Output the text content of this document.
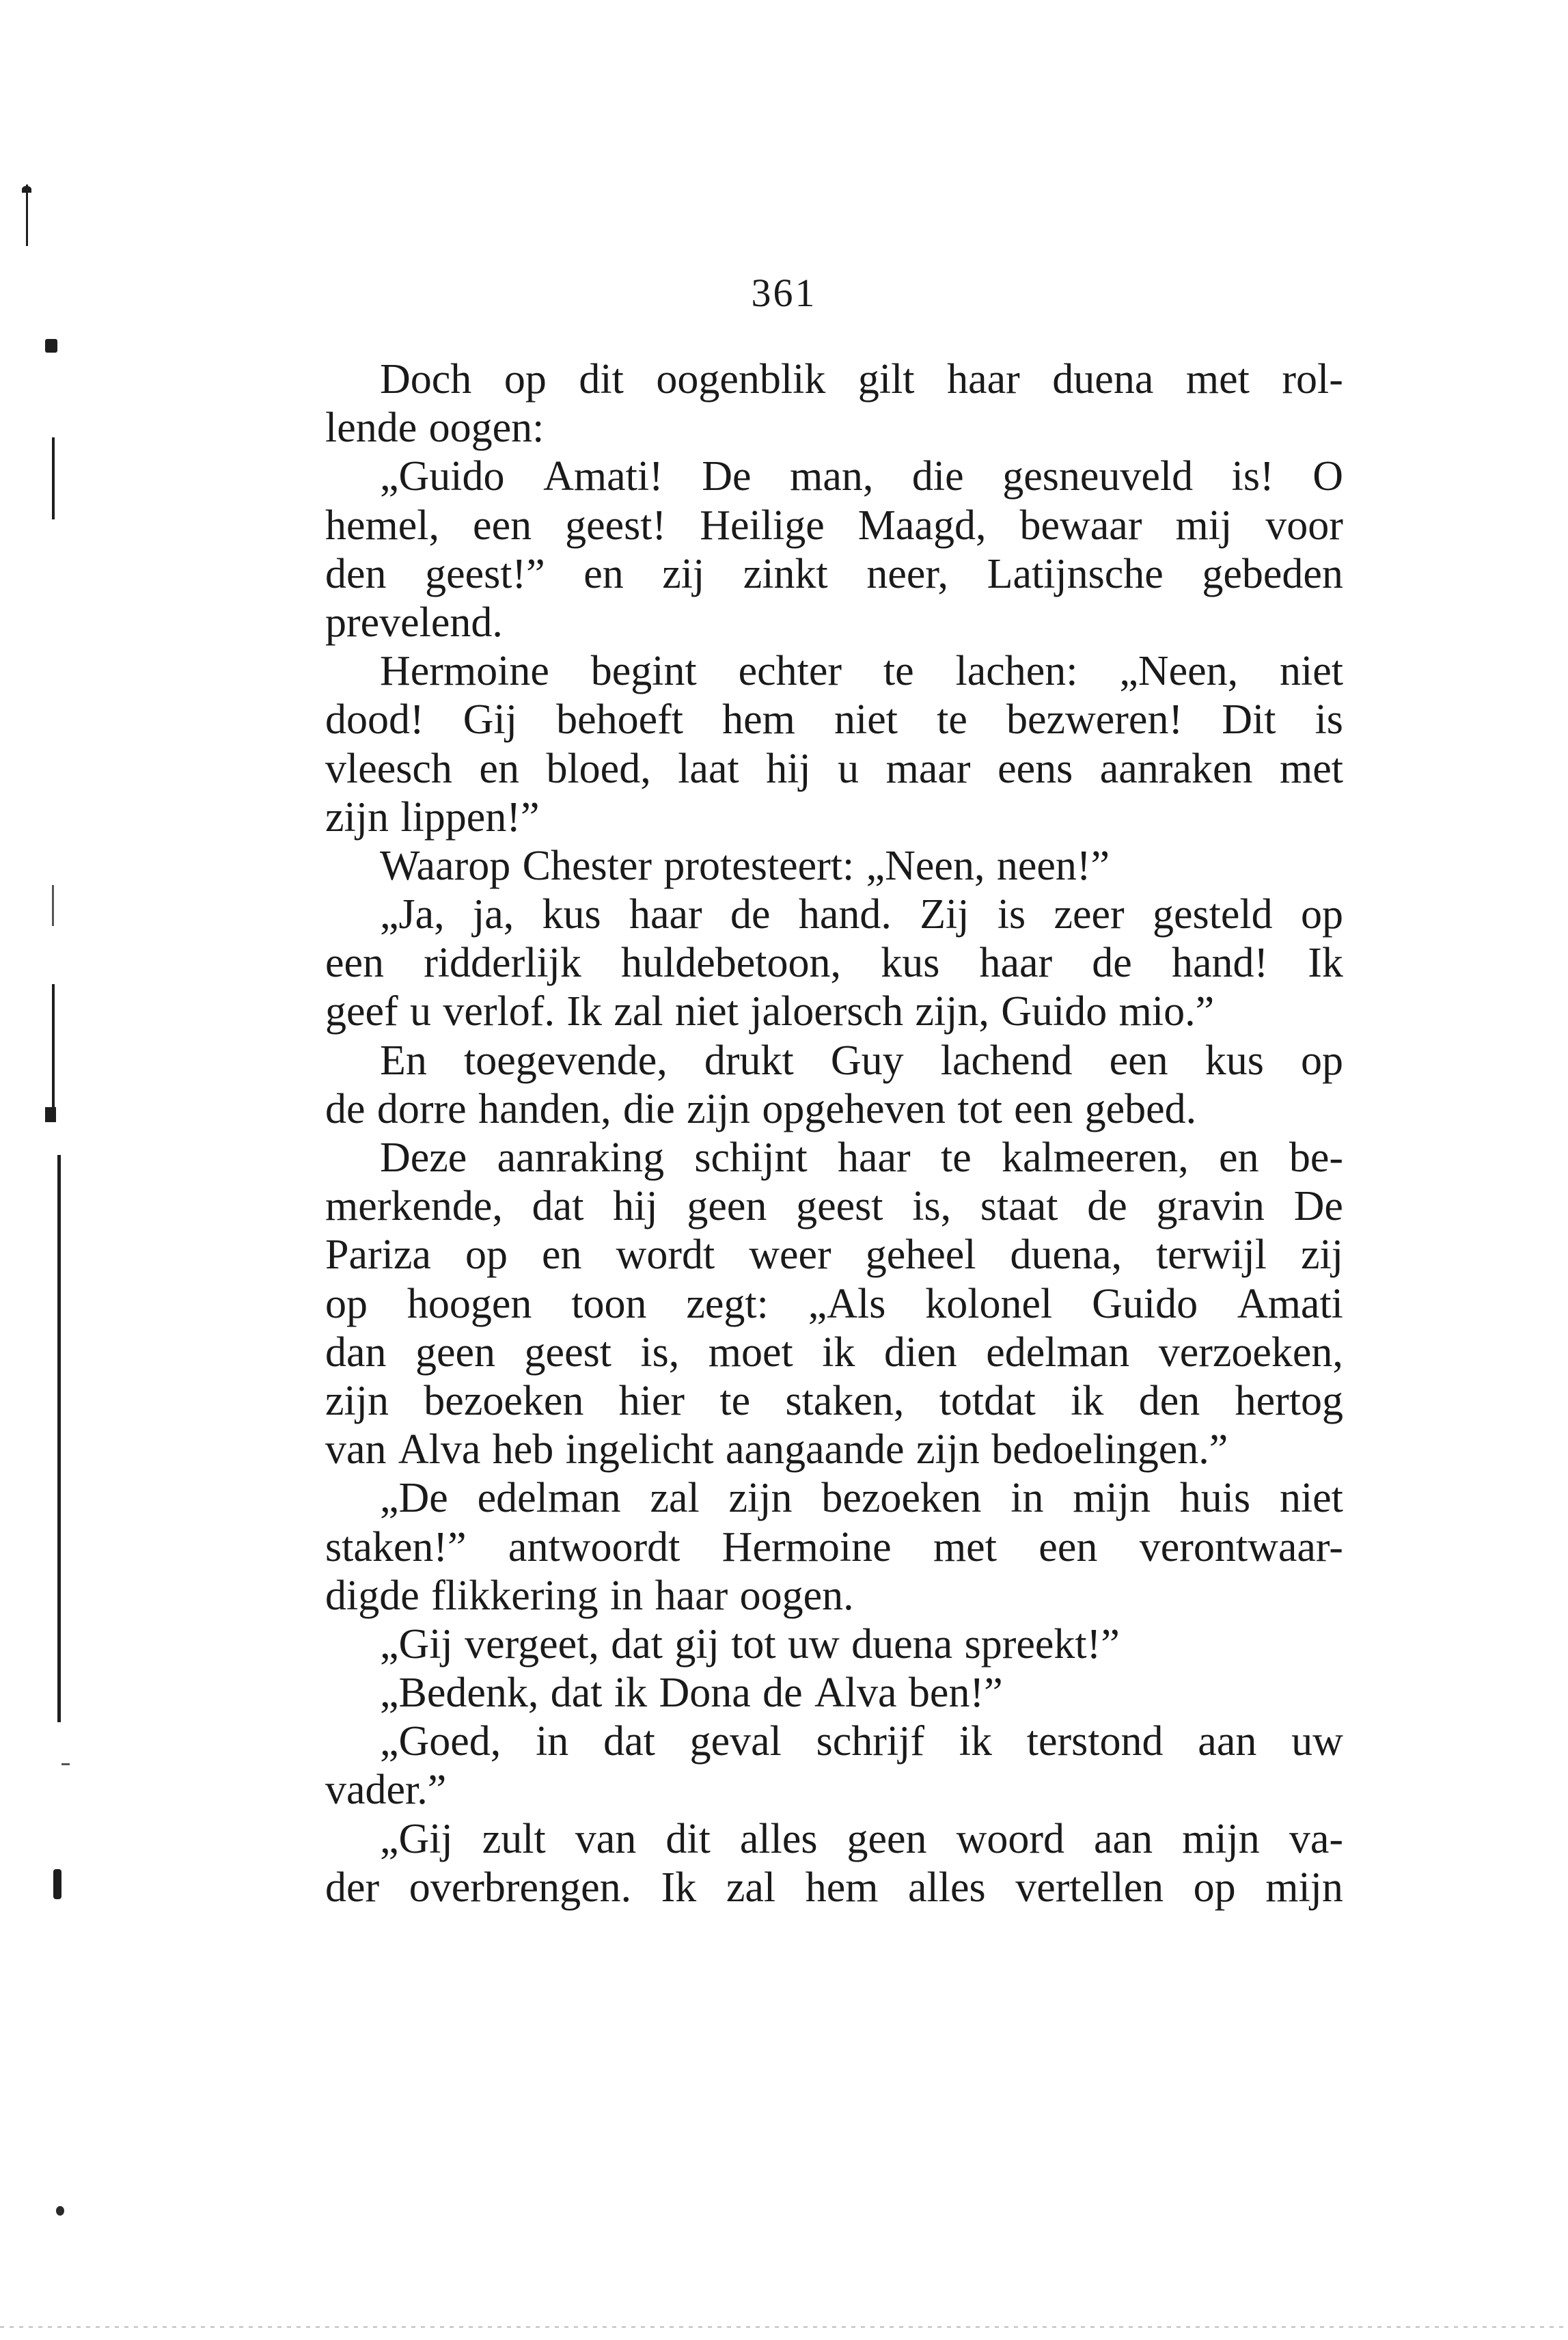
361
Doch op dit oogenblik gilt haar duena met rol-
lende oogen:
„Guido Amati! De man, die gesneuveld is! O
hemel, een geest! Heilige Maagd, bewaar mij voor
den geest!” en zij zinkt neer, Latijnsche gebeden
prevelend.
Hermoine begint echter te lachen: „Neen, niet
dood! Gij behoeft hem niet te bezweren! Dit is
vleesch en bloed, laat hij u maar eens aanraken met
zijn lippen!”
Waarop Chester protesteert: „Neen, neen!”
„Ja, ja, kus haar de hand. Zij is zeer gesteld op
een ridderlijk huldebetoon, kus haar de hand! Ik
geef u verlof. Ik zal niet jaloersch zijn, Guido mio.”
En toegevende, drukt Guy lachend een kus op
de dorre handen, die zijn opgeheven tot een gebed.
Deze aanraking schijnt haar te kalmeeren, en be-
merkende, dat hij geen geest is, staat de gravin De
Pariza op en wordt weer geheel duena, terwijl zij
op hoogen toon zegt: „Als kolonel Guido Amati
dan geen geest is, moet ik dien edelman verzoeken,
zijn bezoeken hier te staken, totdat ik den hertog
van Alva heb ingelicht aangaande zijn bedoelingen.”
„De edelman zal zijn bezoeken in mijn huis niet
staken!” antwoordt Hermoine met een verontwaar-
digde flikkering in haar oogen.
„Gij vergeet, dat gij tot uw duena spreekt!”
„Bedenk, dat ik Dona de Alva ben!”
„Goed, in dat geval schrijf ik terstond aan uw
vader.”
„Gij zult van dit alles geen woord aan mijn va-
der overbrengen. Ik zal hem alles vertellen op mijn
